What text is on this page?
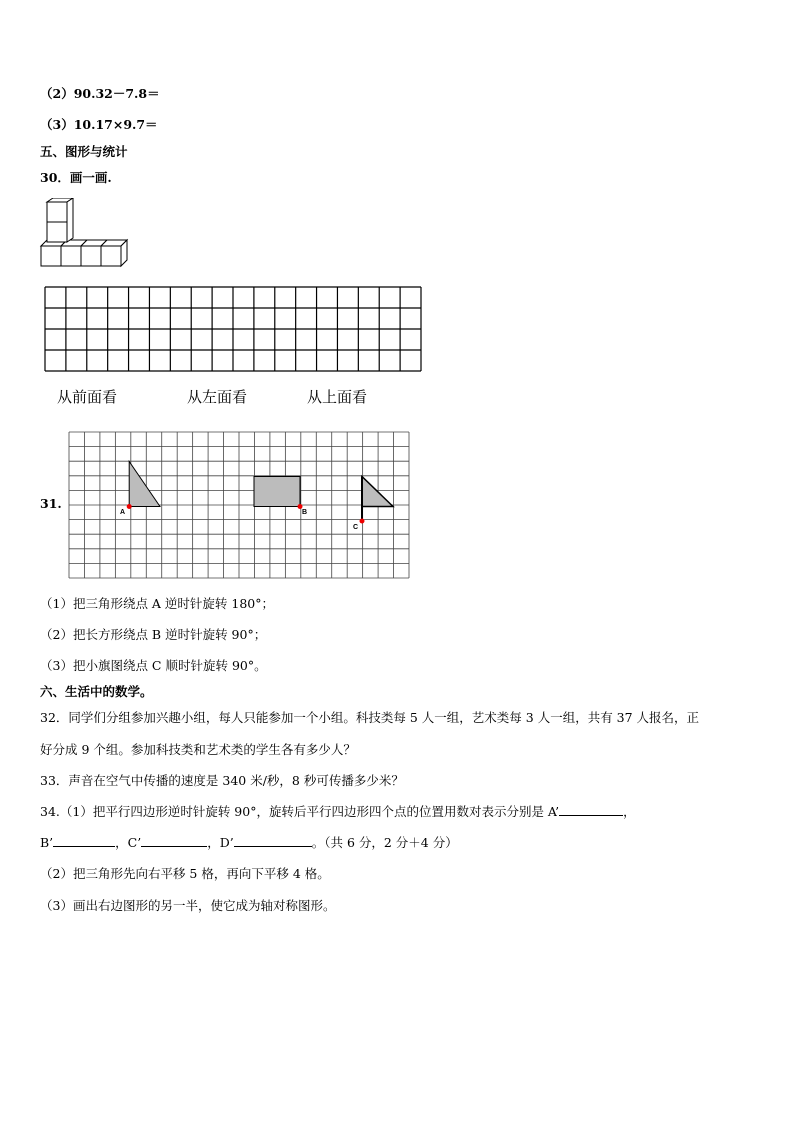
（2）90.32－7.8＝
（3）10.17×9.7＝
五、图形与统计
30．画一画.
从前面看	从左面看	从上面看
31.
A	B
C
（1）把三角形绕点 A 逆时针旋转 180°；
（2）把长方形绕点 B 逆时针旋转 90°；
（3）把小旗图绕点 C 顺时针旋转 90°。
六、生活中的数学。
32．同学们分组参加兴趣小组，每人只能参加一个小组。科技类每 5 人一组，艺术类每 3 人一组，共有 37 人报名，正
好分成 9 个组。参加科技类和艺术类的学生各有多少人？
33．声音在空气中传播的速度是 340 米/秒，8 秒可传播多少米？
34.（1）把平行四边形逆时针旋转 90°，旋转后平行四边形四个点的位置用数对表示分别是 A’	，
B’	，C’	，D’	。（共 6 分，2 分＋4 分）
（2）把三角形先向右平移 5 格，再向下平移 4 格。
（3）画出右边图形的另一半，使它成为轴对称图形。
